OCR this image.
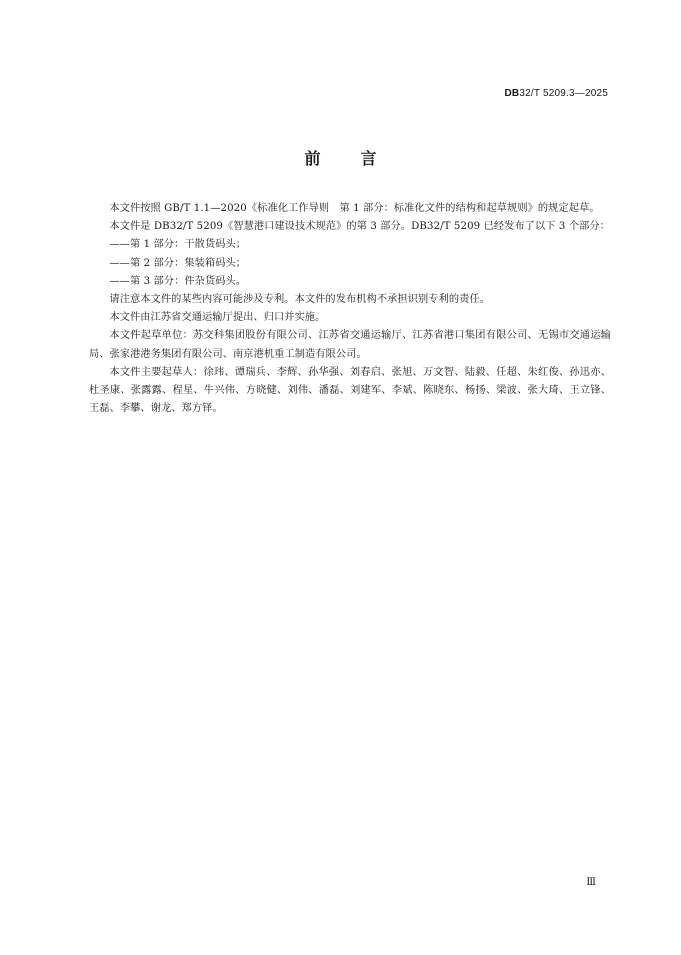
DB32/T 5209.3—2025
前	言

本文件按照 GB/T 1.1—2020《标准化工作导则　第 1 部分：标准化文件的结构和起草规则》的规定起草。

本文件是 DB32/T 5209《智慧港口建设技术规范》的第 3 部分。DB32/T 5209 已经发布了以下 3 个部分：

——第 1 部分：干散货码头；

——第 2 部分：集装箱码头；

——第 3 部分：件杂货码头。

请注意本文件的某些内容可能涉及专利。本文件的发布机构不承担识别专利的责任。

本文件由江苏省交通运输厅提出、归口并实施。

本文件起草单位：苏交科集团股份有限公司、江苏省交通运输厅、江苏省港口集团有限公司、无锡市交通运输局、张家港港务集团有限公司、南京港机重工制造有限公司。

本文件主要起草人：徐玮、谭瑞兵、李辉、孙华强、刘春启、张旭、万文智、陆毅、任超、朱红俊、孙迅亦、杜圣康、张露露、程星、牛兴伟、方晓健、刘伟、潘磊、刘建军、李斌、陈晓东、杨扬、梁波、张大琦、王立锋、王磊、李攀、谢龙、郑方铎。

Ⅲ
